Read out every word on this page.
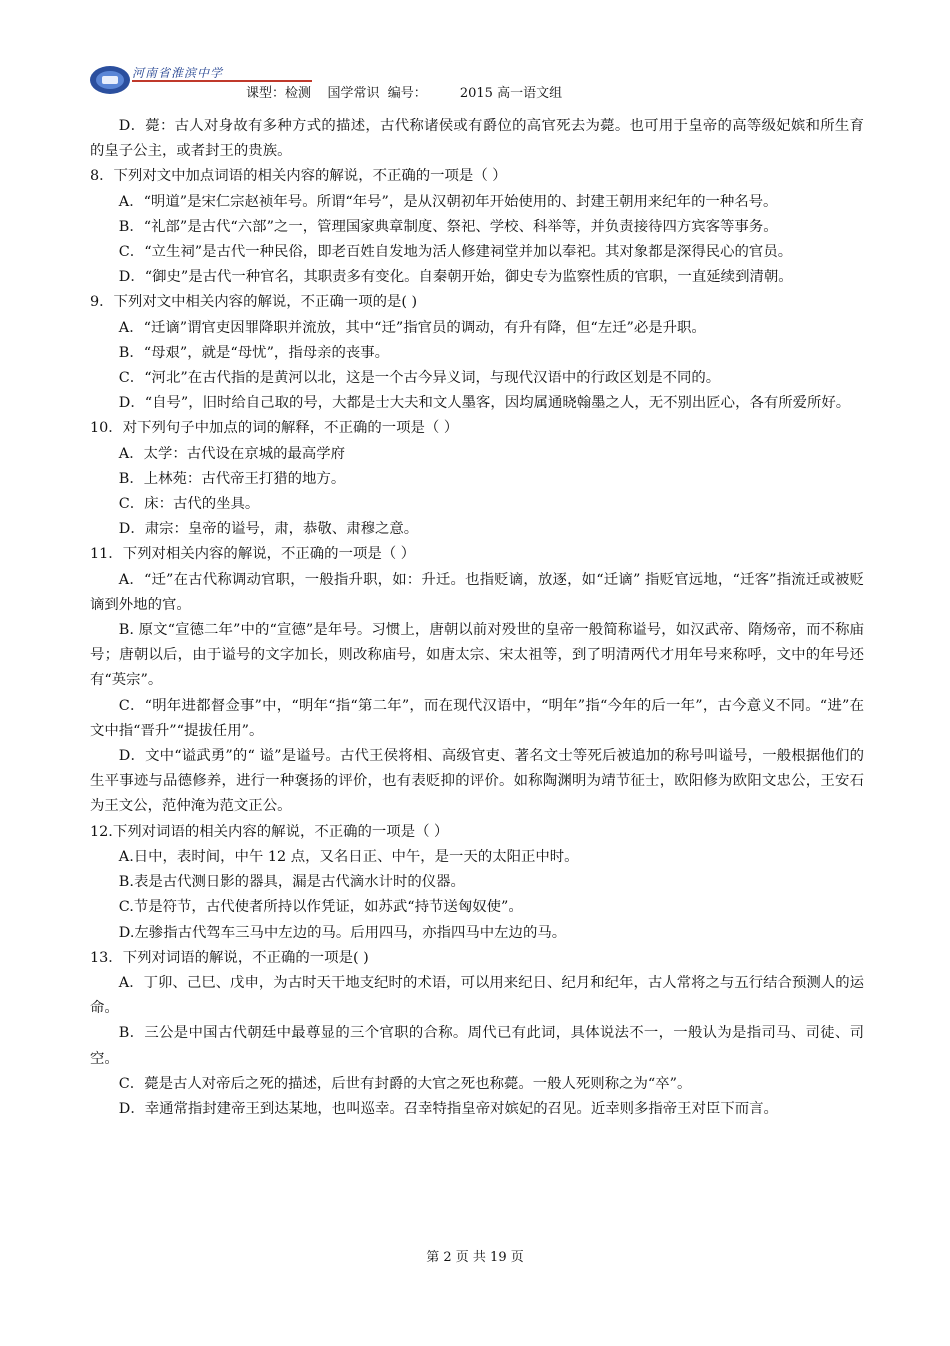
河南省淮滨中学
课型：检测    国学常识  编号：        2015 高一语文组

D．薨：古人对身故有多种方式的描述，古代称诸侯或有爵位的高官死去为薨。也可用于皇帝的高等级妃嫔和所生育的皇子公主，或者封王的贵族。

8．下列对文中加点词语的相关内容的解说，不正确的一项是（ ）

A．“明道”是宋仁宗赵祯年号。所谓“年号”，是从汉朝初年开始使用的、封建王朝用来纪年的一种名号。

B．“礼部”是古代“六部”之一，管理国家典章制度、祭祀、学校、科举等，并负责接待四方宾客等事务。

C．“立生祠”是古代一种民俗，即老百姓自发地为活人修建祠堂并加以奉祀。其对象都是深得民心的官员。

D．“御史”是古代一种官名，其职责多有变化。自秦朝开始，御史专为监察性质的官职，一直延续到清朝。

9．下列对文中相关内容的解说，不正确一项的是( )

A．“迁谪”谓官吏因罪降职并流放，其中“迁”指官员的调动，有升有降，但“左迁”必是升职。

B．“母艰”，就是“母忧”，指母亲的丧事。

C．“河北”在古代指的是黄河以北，这是一个古今异义词，与现代汉语中的行政区划是不同的。

D．“自号”，旧时给自己取的号，大都是士大夫和文人墨客，因均属通晓翰墨之人，无不别出匠心，各有所爱所好。

10．对下列句子中加点的词的解释，不正确的一项是（ ）

A．太学：古代设在京城的最高学府

B．上林苑：古代帝王打猎的地方。

C．床：古代的坐具。

D．肃宗：皇帝的谥号，肃，恭敬、肃穆之意。

11．下列对相关内容的解说，不正确的一项是（ ）

A．“迁”在古代称调动官职，一般指升职，如：升迁。也指贬谪，放逐，如“迁谪” 指贬官远地，“迁客”指流迁或被贬谪到外地的官。

B. 原文“宣德二年”中的“宣德”是年号。习惯上，唐朝以前对殁世的皇帝一般简称谥号，如汉武帝、隋炀帝，而不称庙号；唐朝以后，由于谥号的文字加长，则改称庙号，如唐太宗、宋太祖等，到了明清两代才用年号来称呼，文中的年号还有“英宗”。

C．“明年进都督佥事”中，“明年“指“第二年”，而在现代汉语中，“明年”指“今年的后一年”，古今意义不同。“进”在文中指“晋升”“提拔任用”。

D．文中“谥武勇”的“ 谥”是谥号。古代王侯将相、高级官吏、著名文士等死后被追加的称号叫谥号，一般根据他们的生平事迹与品德修养，进行一种褒扬的评价，也有表贬抑的评价。如称陶渊明为靖节征士，欧阳修为欧阳文忠公，王安石为王文公，范仲淹为范文正公。

12.下列对词语的相关内容的解说，不正确的一项是（ ）

A.日中，表时间，中午 12 点，又名日正、中午，是一天的太阳正中时。

B.表是古代测日影的器具，漏是古代滴水计时的仪器。

C.节是符节，古代使者所持以作凭证，如苏武“持节送匈奴使”。

D.左骖指古代驾车三马中左边的马。后用四马，亦指四马中左边的马。

13．下列对词语的解说，不正确的一项是( )

A．丁卯、己巳、戊申，为古时天干地支纪时的术语，可以用来纪日、纪月和纪年，古人常将之与五行结合预测人的运命。

B．三公是中国古代朝廷中最尊显的三个官职的合称。周代已有此词，具体说法不一，一般认为是指司马、司徒、司空。

C．薨是古人对帝后之死的描述，后世有封爵的大官之死也称薨。一般人死则称之为“卒”。

D．幸通常指封建帝王到达某地，也叫巡幸。召幸特指皇帝对嫔妃的召见。近幸则多指帝王对臣下而言。

第 2 页 共 19 页
